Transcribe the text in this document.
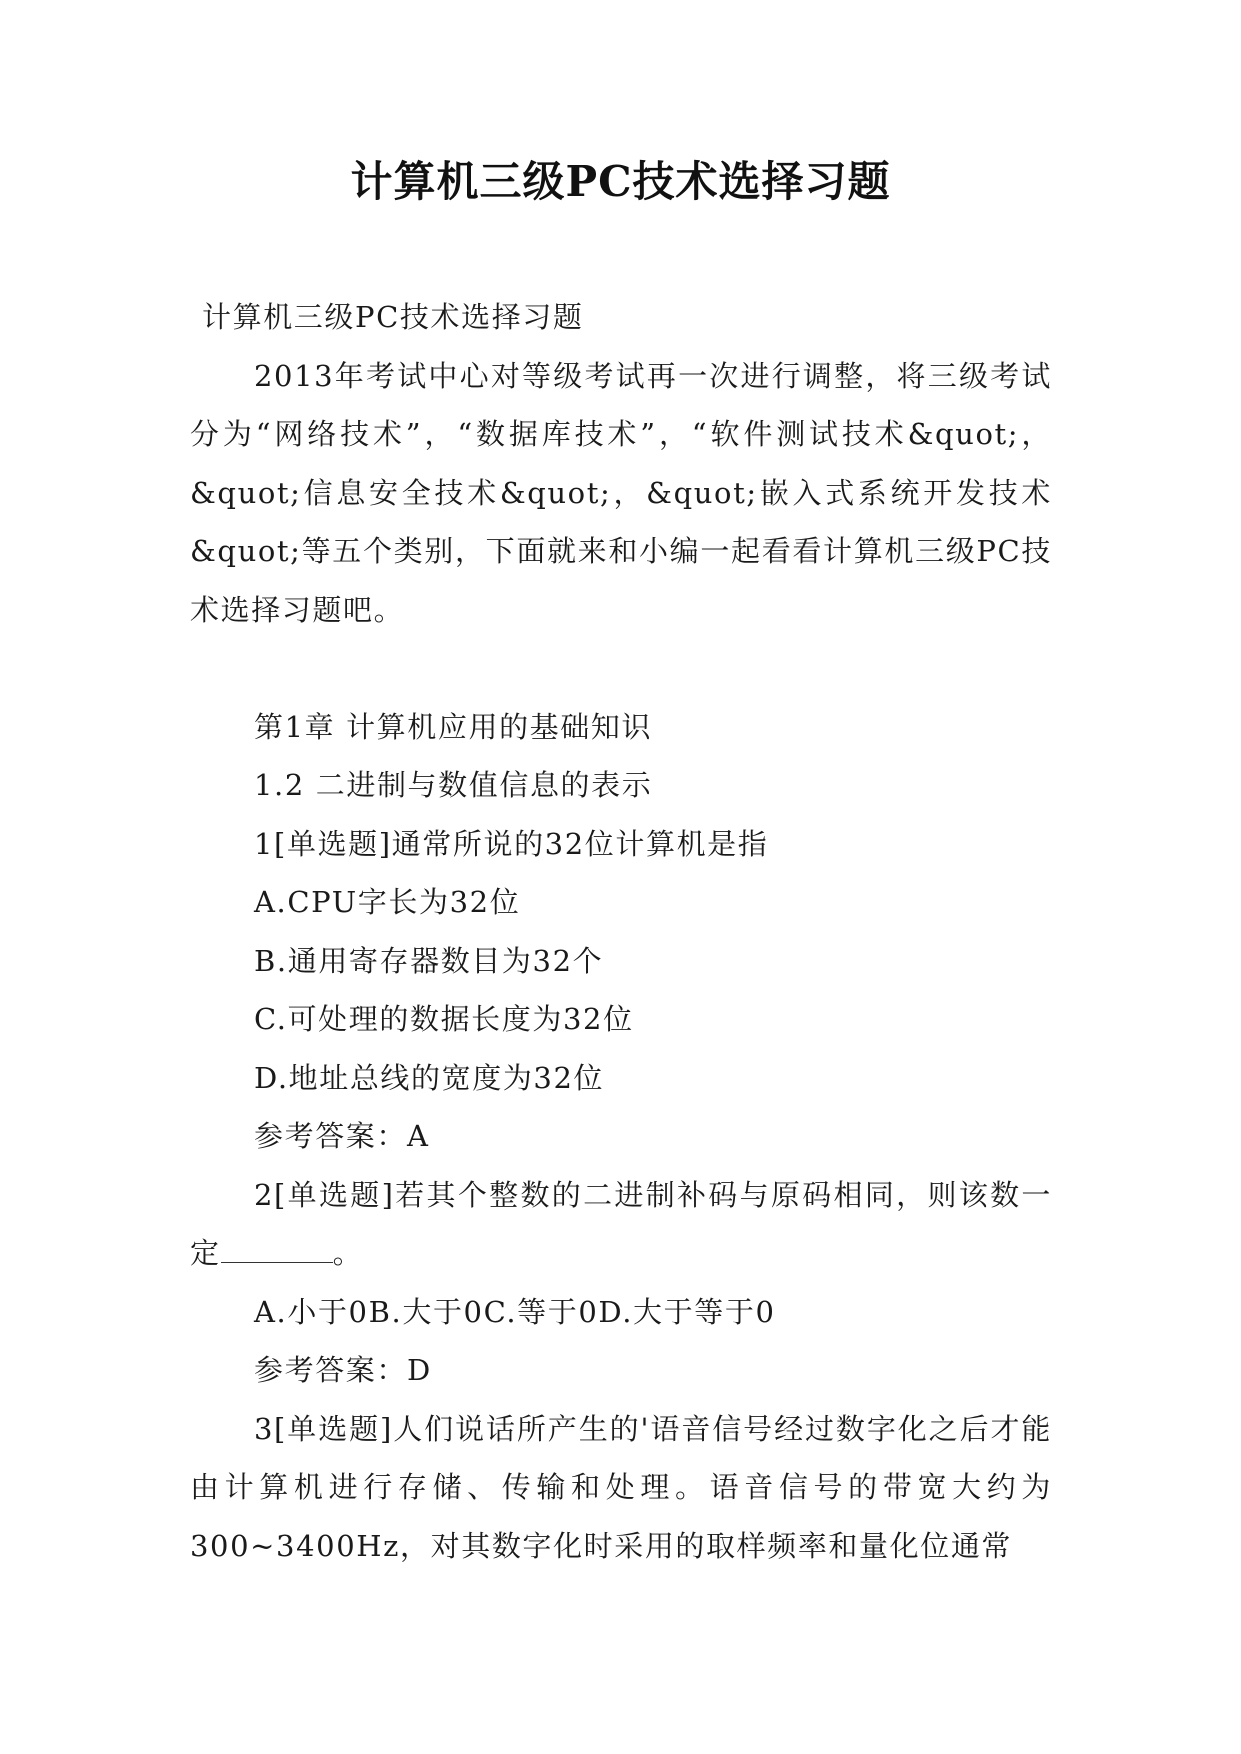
计算机三级PC技术选择习题

计算机三级PC技术选择习题

2013年考试中心对等级考试再一次进行调整，将三级考试分为“网络技术”，“数据库技术”，“软件测试技术&quot;，&quot;信息安全技术&quot;，&quot;嵌入式系统开发技术&quot;等五个类别，下面就来和小编一起看看计算机三级PC技术选择习题吧。

第1章 计算机应用的基础知识

1.2 二进制与数值信息的表示

1[单选题]通常所说的32位计算机是指

A.CPU字长为32位

B.通用寄存器数目为32个

C.可处理的数据长度为32位

D.地址总线的宽度为32位

参考答案：A

2[单选题]若其个整数的二进制补码与原码相同，则该数一定	。

A.小于0B.大于0C.等于0D.大于等于0

参考答案：D

3[单选题]人们说话所产生的'语音信号经过数字化之后才能由计算机进行存储、传输和处理。语音信号的带宽大约为300~3400Hz，对其数字化时采用的取样频率和量化位通常
